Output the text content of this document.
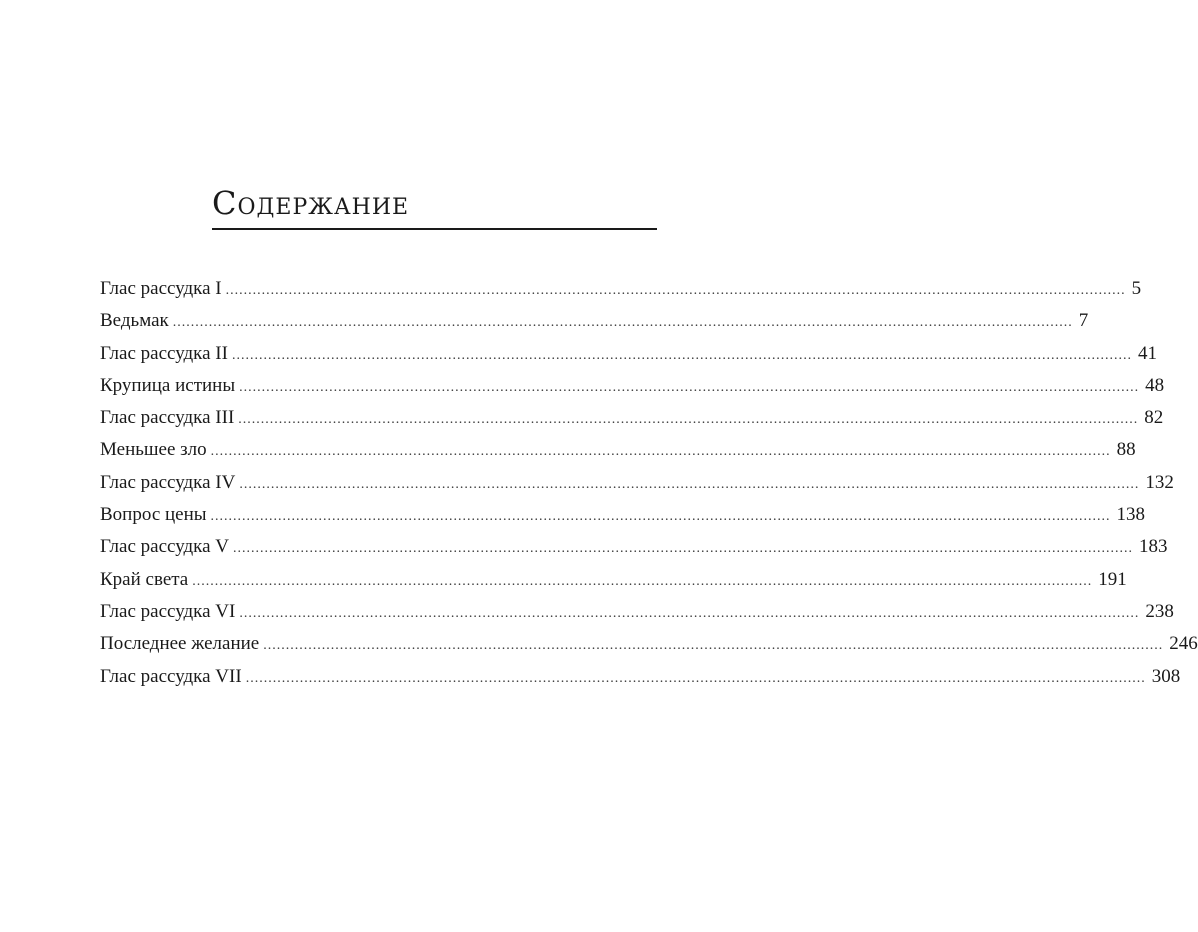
Содержание
Глас рассудка I ........................................................................................................................................................................................................ 5
Ведьмак ........................................................................................................................................................................................................ 7
Глас рассудка II ........................................................................................................................................................................................................ 41
Крупица истины ........................................................................................................................................................................................................ 48
Глас рассудка III ........................................................................................................................................................................................................ 82
Меньшее зло ........................................................................................................................................................................................................ 88
Глас рассудка IV ........................................................................................................................................................................................................ 132
Вопрос цены ........................................................................................................................................................................................................ 138
Глас рассудка V ........................................................................................................................................................................................................ 183
Край света ........................................................................................................................................................................................................ 191
Глас рассудка VI ........................................................................................................................................................................................................ 238
Последнее желание ........................................................................................................................................................................................................ 246
Глас рассудка VII ........................................................................................................................................................................................................ 308
